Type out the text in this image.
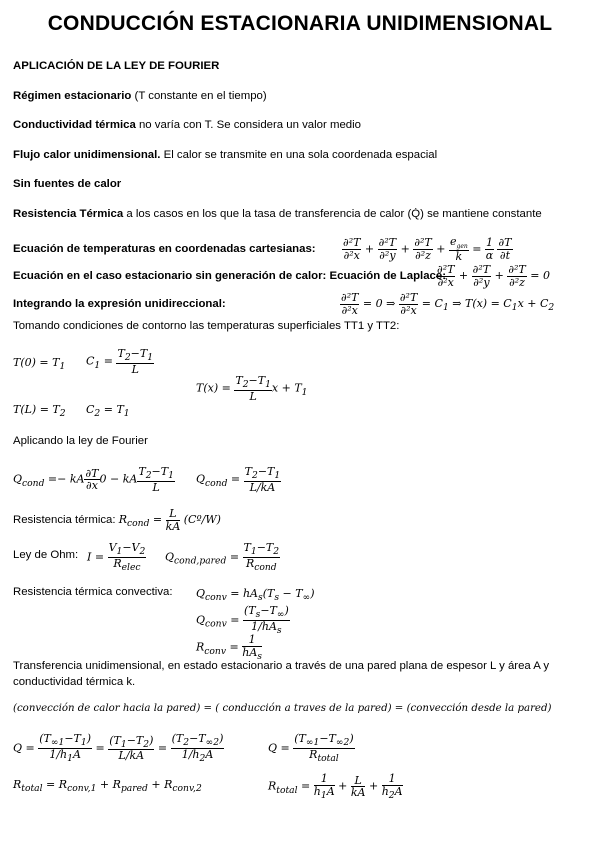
CONDUCCIÓN ESTACIONARIA UNIDIMENSIONAL
APLICACIÓN DE LA LEY DE FOURIER
Régimen estacionario (T constante en el tiempo)
Conductividad térmica no varía con T. Se considera un valor medio
Flujo calor unidimensional. El calor se transmite en una sola coordenada espacial
Sin fuentes de calor
Resistencia Térmica a los casos en los que la tasa de transferencia de calor (Q̇) se mantiene constante
Ecuación de temperaturas en coordenadas cartesianas: $\frac{\text{∂²T}}{\text{∂²x}} + \frac{\text{∂²T}}{\text{∂²y}} + \frac{\text{∂²T}}{\text{∂²z}} + \frac{e_{gen}}{k} = \frac{1}{\alpha}$
$\frac{\partial T}{\partial t}$
Ecuación en el caso estacionario sin generación de calor: Ecuación de Laplace:
$\frac{\text{∂²T}}{\text{∂²x}} + \frac{\text{∂²T}}{\text{∂²y}} + \frac{\text{∂²T}}{\text{∂²z}} = 0$
Integrando la expresión unidireccional:	$\frac{\text{∂²T}}{\text{∂²x}} = 0$ ⇒ $\frac{\text{∂²T}}{\text{∂²x}} = C_1$ ⇒ $T(x) = C_1x + C_2$
Tomando condiciones de contorno las temperaturas superficiales TT1 y TT2:
$T(0) = T_1$ $C_1 = \frac{T_2-T_1}{L}$
$T(x) = \frac{T_2-T_1}{L}$ $x + T_1$
$T(L) = T_2$ $C_2 = T_1$
Aplicando la ley de Fourier
$Q_{cond}$ =− kA $\frac{\partial T}{\partial x} 0$ − kA $\frac{T_2-T_1}{L} Q_{cond} = \frac{T_2-T_1}{L/kA}$
Resistencia térmica: $R_{cond} = \frac{L}{kA}$ (Cº/W)
Ley de Ohm: $I = \frac{V_1-V_2}{R_{elec}} Q_{cond,pared} = \frac{T_1-T_2}{R_{cond}}$
Resistencia térmica convectiva: $Q_{conv} = hA_s(T_s - T_\infty)$
$Q_{conv} = \frac{(T_s-T_\infty)}{1/hA_s}$
$R_{conv} = \frac{1}{hA_s}$
Transferencia unidimensional, en estado estacionario a través de una pared plana de espesor L y área A y
conductividad térmica k.
(convección de calor hacia la pared) = ( conducción a traves de la pared) = (convección desde la pared)
$Q = \frac{(T_{\infty 1}-T_1)}{1/h_1A} = \frac{(T_1-T_2)}{L/kA} = \frac{(T_2-T_{\infty 2})}{1/h_2A}$	$Q = \frac{(T_{\infty 1}-T_{\infty 2})}{R_{total}}$
$R_{total} = R_{conv,1} + R_{pared} + R_{conv,2}$	$R_{total} = \frac{1}{h_1A} + \frac{L}{kA} + \frac{1}{h_2A}$
